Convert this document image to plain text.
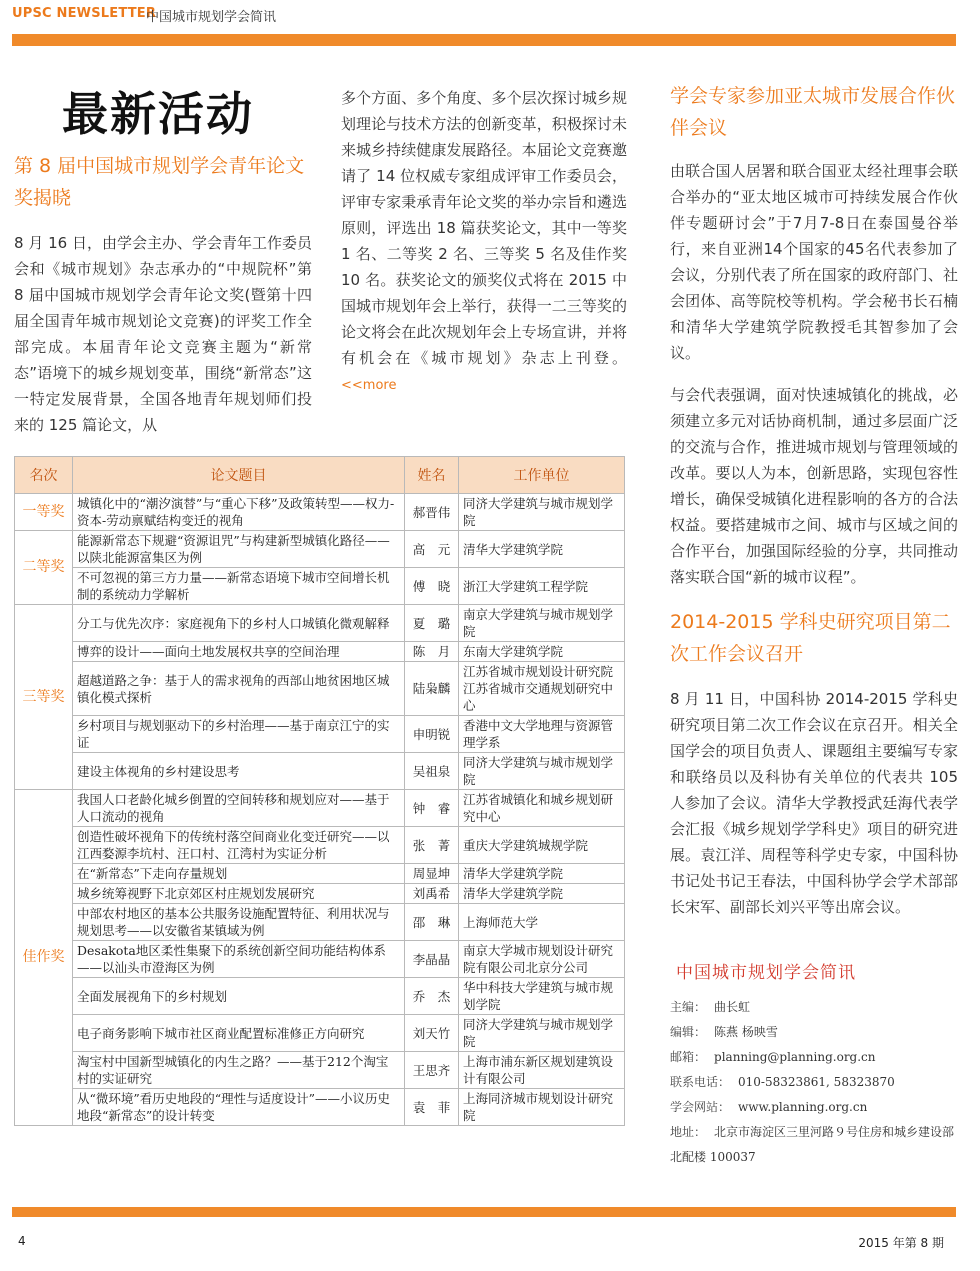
UPSC NEWSLETTER
中国城市规划学会简讯
最新活动
第 8 届中国城市规划学会青年论文奖揭晓
8 月 16 日，由学会主办、学会青年工作委员会和《城市规划》杂志承办的“中规院杯”第 8 届中国城市规划学会青年论文奖(暨第十四届全国青年城市规划论文竞赛)的评奖工作全部完成。本届青年论文竞赛主题为“新常态”语境下的城乡规划变革，围绕“新常态”这一特定发展背景，全国各地青年规划师们投来的 125 篇论文，从
多个方面、多个角度、多个层次探讨城乡规划理论与技术方法的创新变革，积极探讨未来城乡持续健康发展路径。本届论文竞赛邀请了 14 位权威专家组成评审工作委员会，评审专家秉承青年论文奖的举办宗旨和遴选原则，评选出 18 篇获奖论文，其中一等奖 1 名、二等奖 2 名、三等奖 5 名及佳作奖 10 名。获奖论文的颁奖仪式将在 2015 中国城市规划年会上举行，获得一二三等奖的论文将会在此次规划年会上专场宣讲，并将有机会在《城市规划》杂志上刊登。 <<more
名次	论文题目	姓名	工作单位
一等奖	城镇化中的“潮汐演替”与“重心下移”及政策转型——权力-资本-劳动禀赋结构变迁的视角	郝晋伟	同济大学建筑与城市规划学院
二等奖	能源新常态下规避“资源诅咒”与构建新型城镇化路径——以陕北能源富集区为例	高　元	清华大学建筑学院
	不可忽视的第三方力量——新常态语境下城市空间增长机制的系统动力学解析	傅　晓	浙江大学建筑工程学院
三等奖	分工与优先次序：家庭视角下的乡村人口城镇化微观解释	夏　璐	南京大学建筑与城市规划学院
	博弈的设计——面向土地发展权共享的空间治理	陈　月	东南大学建筑学院
	超越道路之争：基于人的需求视角的西部山地贫困地区城镇化模式探析	陆枭麟	江苏省城市规划设计研究院江苏省城市交通规划研究中心
	乡村项目与规划驱动下的乡村治理——基于南京江宁的实证	申明锐	香港中文大学地理与资源管理学系
	建设主体视角的乡村建设思考	吴祖泉	同济大学建筑与城市规划学院
佳作奖	我国人口老龄化城乡倒置的空间转移和规划应对——基于人口流动的视角	钟　睿	江苏省城镇化和城乡规划研究中心
	创造性破坏视角下的传统村落空间商业化变迁研究——以江西婺源李坑村、汪口村、江湾村为实证分析	张　菁	重庆大学建筑城规学院
	在“新常态”下走向存量规划	周显坤	清华大学建筑学院
	城乡统筹视野下北京郊区村庄规划发展研究	刘禹希	清华大学建筑学院
	中部农村地区的基本公共服务设施配置特征、利用状况与规划思考——以安徽省某镇域为例	邵　琳	上海师范大学
	Desakota地区柔性集聚下的系统创新空间功能结构体系——以汕头市澄海区为例	李晶晶	南京大学城市规划设计研究院有限公司北京分公司
	全面发展视角下的乡村规划	乔　杰	华中科技大学建筑与城市规划学院
	电子商务影响下城市社区商业配置标准修正方向研究	刘天竹	同济大学建筑与城市规划学院
	淘宝村中国新型城镇化的内生之路？——基于212个淘宝村的实证研究	王思齐	上海市浦东新区规划建筑设计有限公司
	从“微环境”看历史地段的“理性与适度设计”——小议历史地段“新常态”的设计转变	袁　菲	上海同济城市规划设计研究院
学会专家参加亚太城市发展合作伙伴会议
由联合国人居署和联合国亚太经社理事会联合举办的“亚太地区城市可持续发展合作伙伴专题研讨会”于7月7-8日在泰国曼谷举行，来自亚洲14个国家的45名代表参加了会议，分别代表了所在国家的政府部门、社会团体、高等院校等机构。学会秘书长石楠和清华大学建筑学院教授毛其智参加了会议。
与会代表强调，面对快速城镇化的挑战，必须建立多元对话协商机制，通过多层面广泛的交流与合作，推进城市规划与管理领域的改革。要以人为本，创新思路，实现包容性增长，确保受城镇化进程影响的各方的合法权益。要搭建城市之间、城市与区域之间的合作平台，加强国际经验的分享，共同推动落实联合国“新的城市议程”。
2014-2015 学科史研究项目第二次工作会议召开
8 月 11 日，中国科协 2014-2015 学科史研究项目第二次工作会议在京召开。相关全国学会的项目负责人、课题组主要编写专家和联络员以及科协有关单位的代表共 105 人参加了会议。清华大学教授武廷海代表学会汇报《城乡规划学学科史》项目的研究进展。袁江洋、周程等科学史专家，中国科协书记处书记王春法，中国科协学会学术部部长宋军、副部长刘兴平等出席会议。
中国城市规划学会简讯
主编： 曲长虹
编辑： 陈燕 杨映雪
邮箱： planning@planning.org.cn
联系电话： 010-58323861, 58323870
学会网站： www.planning.org.cn
地址： 北京市海淀区三里河路９号住房和城乡建设部北配楼 100037
4	2015 年第 8 期
